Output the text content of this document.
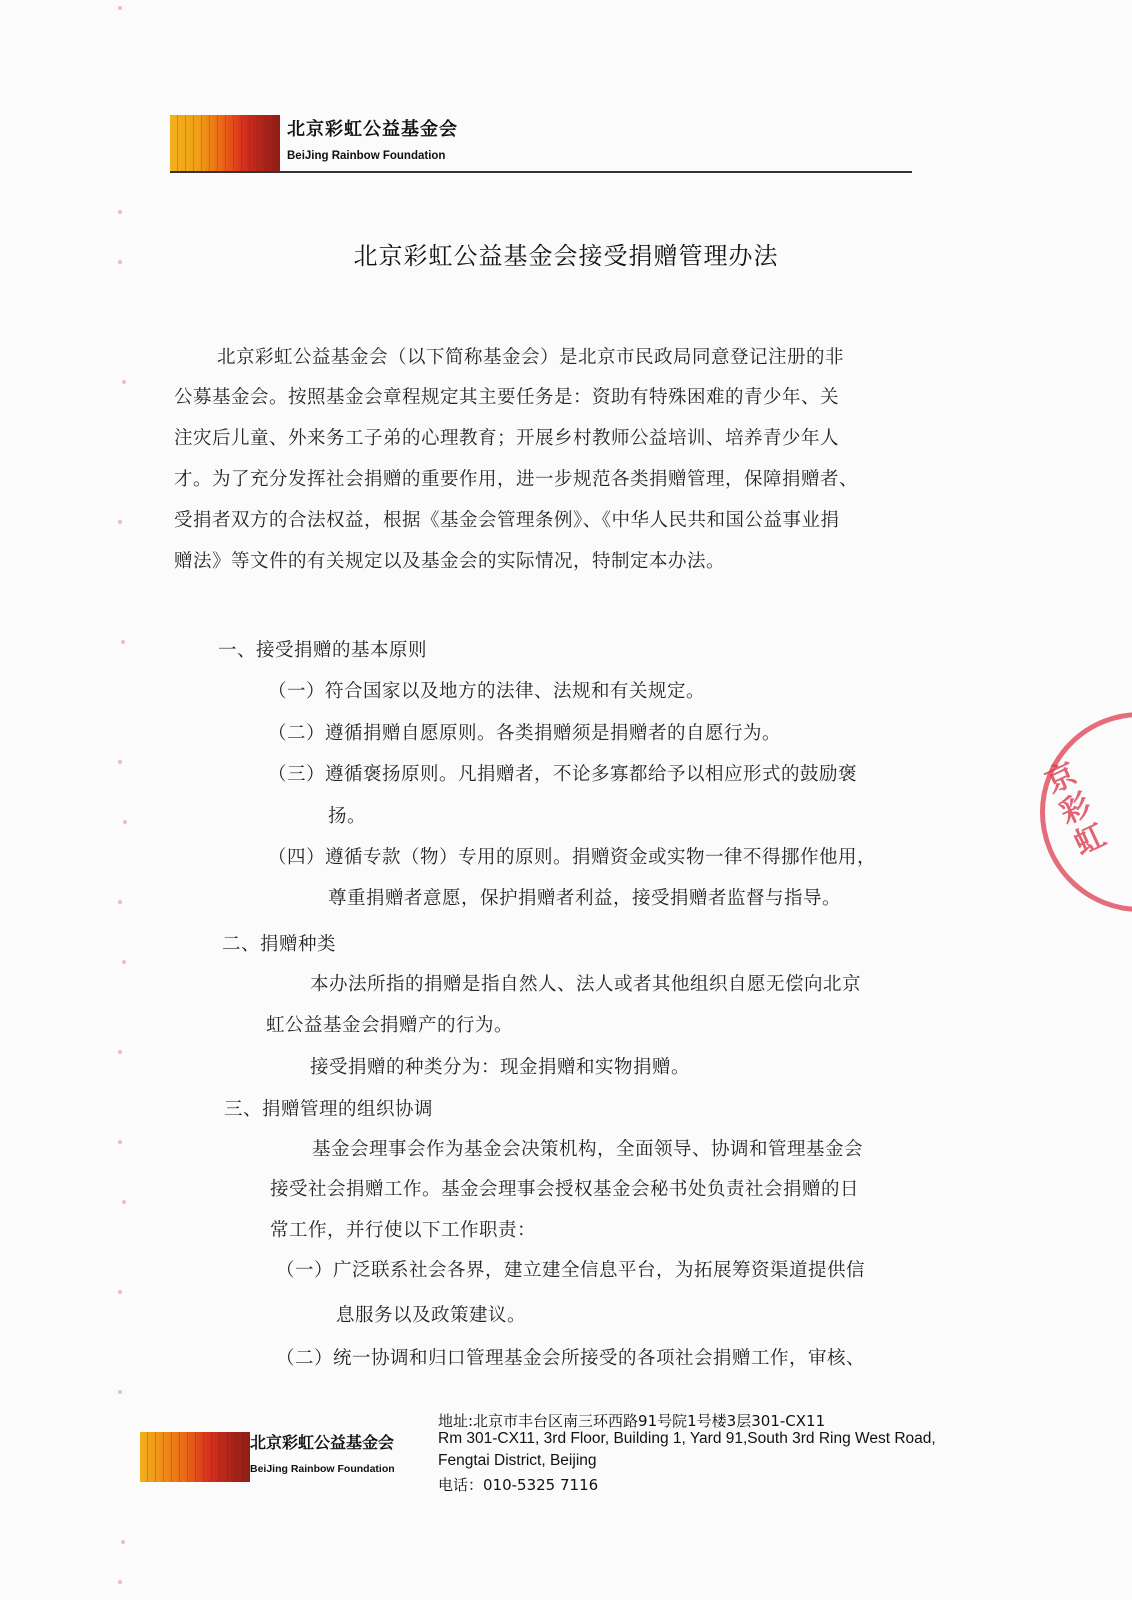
北京彩虹公益基金会
BeiJing Rainbow Foundation
北京彩虹公益基金会接受捐赠管理办法
北京彩虹公益基金会（以下简称基金会）是北京市民政局同意登记注册的非
公募基金会。按照基金会章程规定其主要任务是：资助有特殊困难的青少年、关
注灾后儿童、外来务工子弟的心理教育；开展乡村教师公益培训、培养青少年人
才。为了充分发挥社会捐赠的重要作用，进一步规范各类捐赠管理，保障捐赠者、
受捐者双方的合法权益，根据《基金会管理条例》、《中华人民共和国公益事业捐
赠法》等文件的有关规定以及基金会的实际情况，特制定本办法。
一、接受捐赠的基本原则
（一）符合国家以及地方的法律、法规和有关规定。
（二）遵循捐赠自愿原则。各类捐赠须是捐赠者的自愿行为。
（三）遵循褒扬原则。凡捐赠者，不论多寡都给予以相应形式的鼓励褒
扬。
（四）遵循专款（物）专用的原则。捐赠资金或实物一律不得挪作他用，
尊重捐赠者意愿，保护捐赠者利益，接受捐赠者监督与指导。
二、捐赠种类
本办法所指的捐赠是指自然人、法人或者其他组织自愿无偿向北京
虹公益基金会捐赠产的行为。
接受捐赠的种类分为：现金捐赠和实物捐赠。
三、捐赠管理的组织协调
基金会理事会作为基金会决策机构，全面领导、协调和管理基金会
接受社会捐赠工作。基金会理事会授权基金会秘书处负责社会捐赠的日
常工作，并行使以下工作职责：
（一）广泛联系社会各界，建立建全信息平台，为拓展筹资渠道提供信
息服务以及政策建议。
（二）统一协调和归口管理基金会所接受的各项社会捐赠工作，审核、
京彩虹
北京彩虹公益基金会
BeiJing Rainbow Foundation
地址:北京市丰台区南三环西路91号院1号楼3层301-CX11
Rm 301-CX11, 3rd Floor, Building 1, Yard 91,South 3rd Ring West Road,
Fengtai District, Beijing
电话：010-5325 7116
